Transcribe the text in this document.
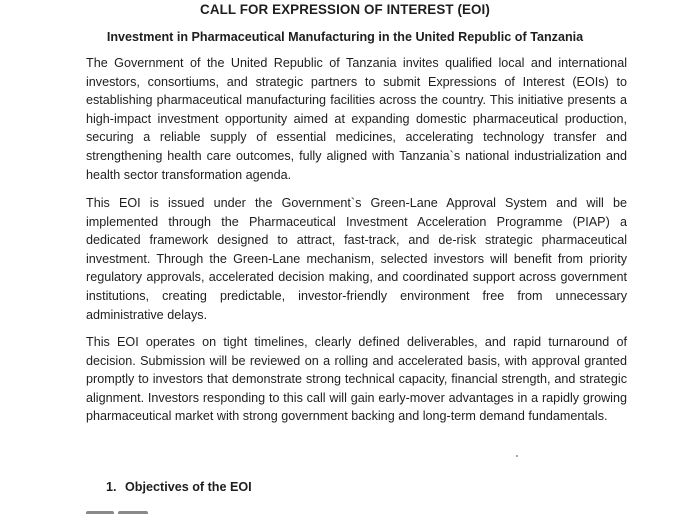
CALL FOR EXPRESSION OF INTEREST (EOI)
Investment in Pharmaceutical Manufacturing in the United Republic of Tanzania

The Government of the United Republic of Tanzania invites qualified local and international investors, consortiums, and strategic partners to submit Expressions of Interest (EOIs) to establishing pharmaceutical manufacturing facilities across the country. This initiative presents a high-impact investment opportunity aimed at expanding domestic pharmaceutical production, securing a reliable supply of essential medicines, accelerating technology transfer and strengthening health care outcomes, fully aligned with Tanzania`s national industrialization and health sector transformation agenda.

This EOI is issued under the Government`s Green-Lane Approval System and will be implemented through the Pharmaceutical Investment Acceleration Programme (PIAP) a dedicated framework designed to attract, fast-track, and de-risk strategic pharmaceutical investment. Through the Green-Lane mechanism, selected investors will benefit from priority regulatory approvals, accelerated decision making, and coordinated support across government institutions, creating predictable, investor-friendly environment free from unnecessary administrative delays.

This EOI operates on tight timelines, clearly defined deliverables, and rapid turnaround of decision. Submission will be reviewed on a rolling and accelerated basis, with approval granted promptly to investors that demonstrate strong technical capacity, financial strength, and strategic alignment. Investors responding to this call will gain early-mover advantages in a rapidly growing pharmaceutical market with strong government backing and long-term demand fundamentals.

1. Objectives of the EOI
